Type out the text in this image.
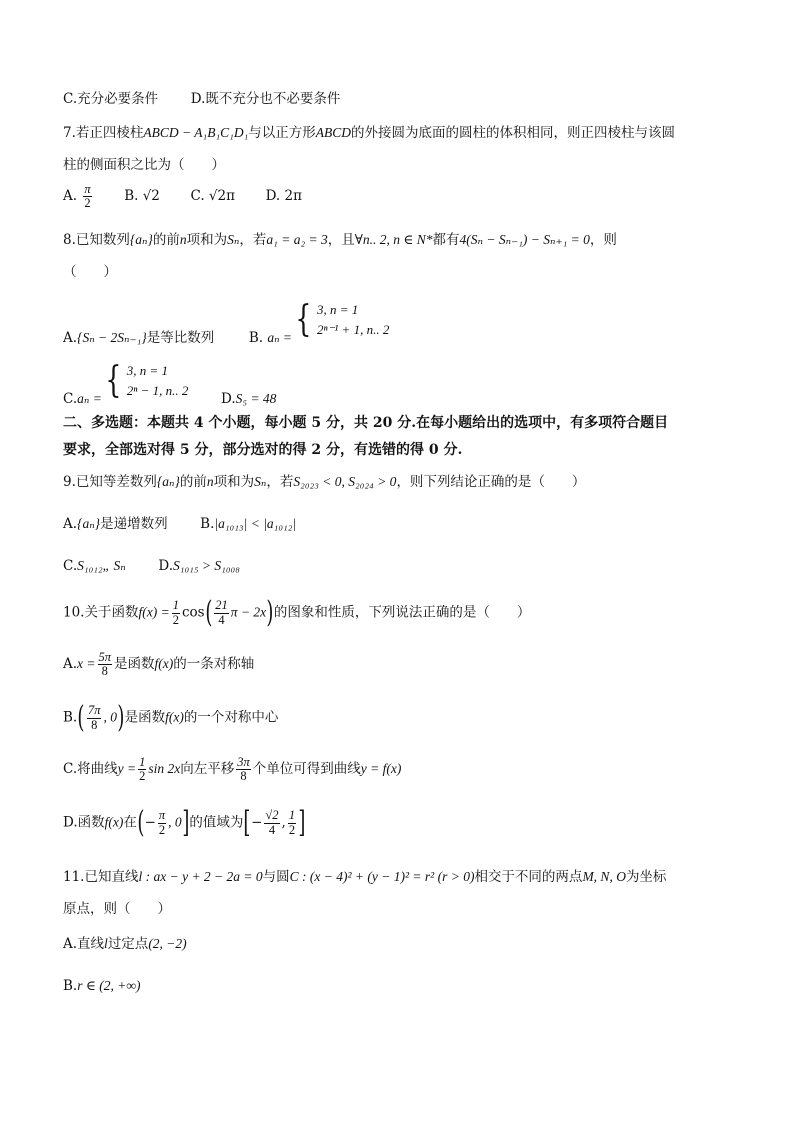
C.充分必要条件 D.既不充分也不必要条件
7.若正四棱柱ABCD − A₁B₁C₁D₁与以正方形ABCD的外接圆为底面的圆柱的体积相同，则正四棱柱与该圆
柱的侧面积之比为（　　）
A. $\frac{\pi}{2} B$. √2 C. √2π D. 2π
8.已知数列{aₙ}的前n项和为Sₙ，若a₁ = a₂ = 3，且∀n.. 2, n ∈ N*都有4(Sₙ − Sₙ₋₁) − Sₙ₊₁ = 0，则
（　　）
A.{Sₙ − 2Sₙ₋₁}是等比数列	B. aₙ = { 3, n = 1
2ⁿ⁻¹ + 1, n.. 2
C.aₙ = { 3, n = 1
2ⁿ − 1, n.. 2
D.S₅ = 48
二、多选题：本题共 4 个小题，每小题 5 分，共 20 分.在每小题给出的选项中，有多项符合题目
要求，全部选对得 5 分，部分选对的得 2 分，有选错的得 0 分.
9.已知等差数列{aₙ}的前n项和为Sₙ，若S₂₀₂₃ < 0, S₂₀₂₄ > 0，则下列结论正确的是（　　）
A.{aₙ}是递增数列 B.|a₁₀₁₃| < |a₁₀₁₂|
C.S₁₀₁₂„ Sₙ D.S₁₀₁₅ > S₁₀₀₈
10.关于函数$f(x) = \frac{1}{2} \cos( \frac{21}{4}$ π − 2x)的图象和性质，下列说法正确的是（　　）
$A.x = \frac{5\pi}{8}$ 是函数f(x)的一条对称轴
$B.( \frac{7\pi}{8}$ , 0)是函数f(x)的一个对称中心
C.将曲线$y = \frac{1}{2}$ sin 2x向左平移 $\frac{3\pi}{8}$ 个单位可得到曲线y = f(x)
D.函数f(x)在(− $\frac{\pi}{2}$ , 0]的值域为[− $\frac{√2}{4}$ , $\frac{1}{2}$ ]
11.已知直线l : ax − y + 2 − 2a = 0与圆C : (x − 4)² + (y − 1)² = r² (r > 0)相交于不同的两点M, N, O为坐标
原点，则（　　）
A.直线l过定点(2, −2)
B.r ∈ (2, +∞)
